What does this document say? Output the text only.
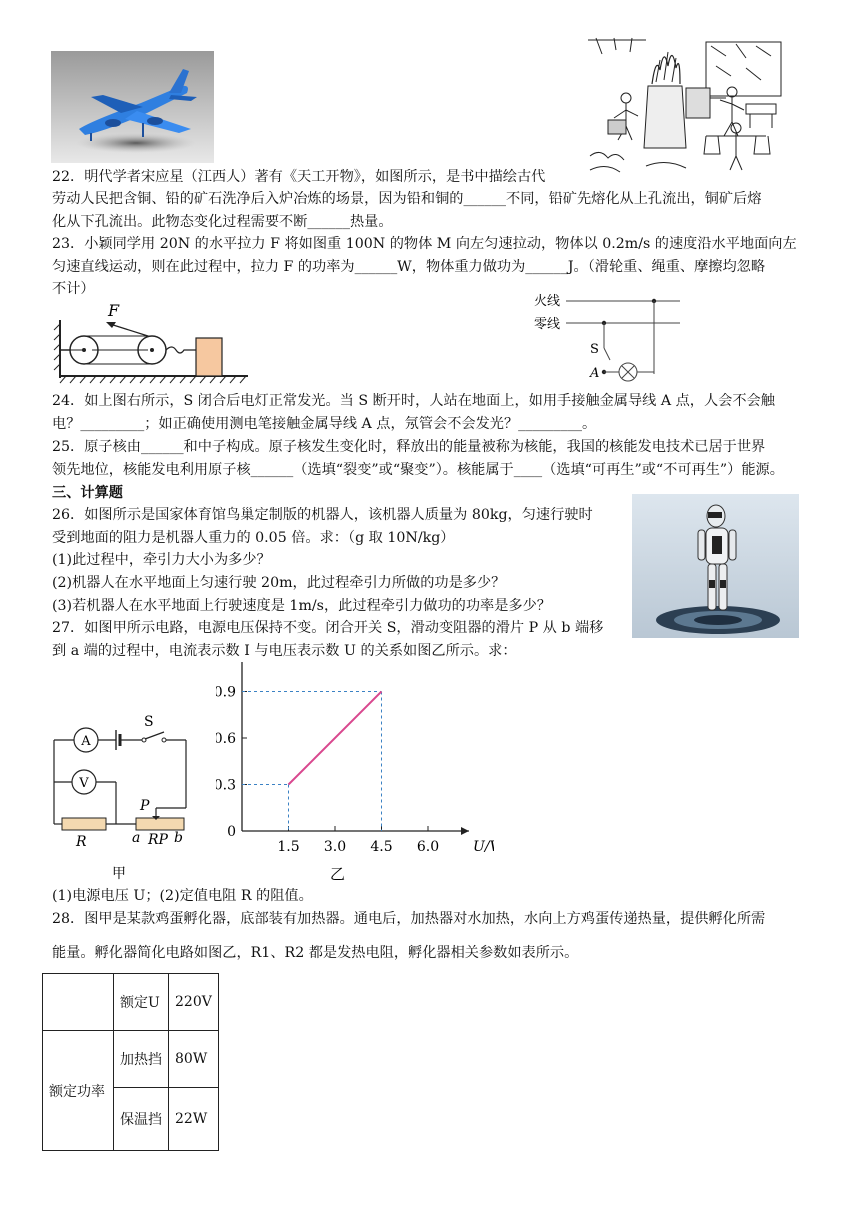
22．明代学者宋应星（江西人）著有《天工开物》，如图所示，是书中描绘古代
劳动人民把含铜、铅的矿石洗净后入炉冶炼的场景，因为铅和铜的______不同，铅矿先熔化从上孔流出，铜矿后熔
化从下孔流出。此物态变化过程需要不断______热量。
23．小颖同学用 20N 的水平拉力 F 将如图重 100N 的物体 M 向左匀速拉动，物体以 0.2m/s 的速度沿水平地面向左
匀速直线运动，则在此过程中，拉力 F 的功率为______W，物体重力做功为______J。（滑轮重、绳重、摩擦均忽略
不计）
F	火线
零线
S
A
24．如上图右所示，S 闭合后电灯正常发光。当 S 断开时，人站在地面上，如用手接触金属导线 A 点，人会不会触
电？_________；如正确使用测电笔接触金属导线 A 点，氖管会不会发光？_________。
25．原子核由______和中子构成。原子核发生变化时，释放出的能量被称为核能，我国的核能发电技术已居于世界
领先地位，核能发电利用原子核______（选填“裂变”或“聚变”）。核能属于____（选填“可再生”或“不可再生”）能源。
三、计算题
26．如图所示是国家体育馆鸟巢定制版的机器人，该机器人质量为 80kg，匀速行驶时
受到地面的阻力是机器人重力的 0.05 倍。求：（g 取 10N/kg）
(1)此过程中，牵引力大小为多少？
(2)机器人在水平地面上匀速行驶 20m，此过程牵引力所做的功是多少？
(3)若机器人在水平地面上行驶速度是 1m/s，此过程牵引力做功的功率是多少？
27．如图甲所示电路，电源电压保持不变。闭合开关 S，滑动变阻器的滑片 P 从 b 端移
到 a 端的过程中，电流表示数 I 与电压表示数 U 的关系如图乙所示。求：
S
A
V
R
P
a RP b
甲
1.5 3.0 4.5 6.0
0.3
0.6
0.9
0
U/
乙
(1)电源电压 U；(2)定值电阻 R 的阻值。
28．图甲是某款鸡蛋孵化器，底部装有加热器。通电后，加热器对水加热，水向上方鸡蛋传递热量，提供孵化所需
能量。孵化器简化电路如图乙，R1、R2 都是发热电阻，孵化器相关参数如表所示。
	额定U	220V
额定功率	加热挡	80W
	保温挡	22W
